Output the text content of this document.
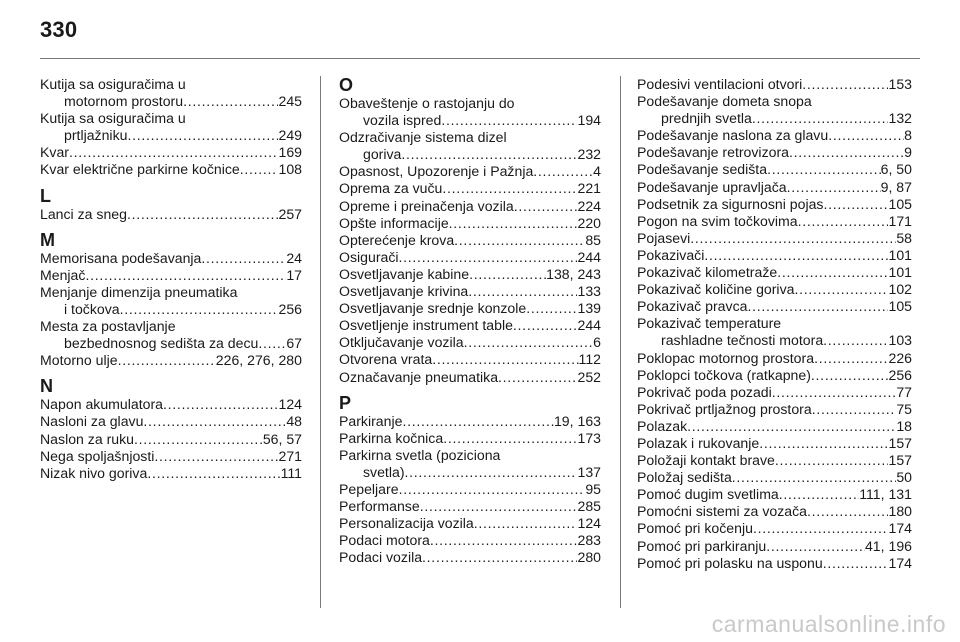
330
Kutija sa osiguračima u
motornom prostoru . . .	245
Kutija sa osiguračima u
prtljažniku . . .	249
Kvar . . .	169
Kvar električne parkirne kočnice . . .	108
L
Lanci za sneg . . .	257
M
Memorisana podešavanja . . .	24
Menjač . . .	17
Menjanje dimenzija pneumatika
i točkova . . .	256
Mesta za postavljanje
bezbednosnog sedišta za decu . . . 67
Motorno ulje . . .	226, 276, 280
N
Napon akumulatora . . .	124
Nasloni za glavu . . .	48
Naslon za ruku . . .	56, 57
Nega spoljašnjosti . . .	271
Nizak nivo goriva . . .	111
O
Obaveštenje o rastojanju do
vozila ispred . . .	194
Odzračivanje sistema dizel
goriva . . .	232
Opasnost, Upozorenje i Pažnja . . .	4
Oprema za vuču . . .	221
Opreme i preinačenja vozila . . .	224
Opšte informacije . . .	220
Opterećenje krova . . .	85
Osigurači . . .	244
Osvetljavanje kabine . . .	138, 243
Osvetljavanje krivina . . .	133
Osvetljavanje srednje konzole . . .	139
Osvetljenje instrument table . . .	244
Otključavanje vozila . . .	6
Otvorena vrata . . .	112
Označavanje pneumatika . . .	252
P
Parkiranje . . .	19, 163
Parkirna kočnica . . .	173
Parkirna svetla (poziciona
svetla) . . .	137
Pepeljare . . .	95
Performanse . . .	285
Personalizacija vozila . . .	124
Podaci motora . . .	283
Podaci vozila . . .	280
Podesivi ventilacioni otvori . . .	153
Podešavanje dometa snopa
prednjih svetla . . .	132
Podešavanje naslona za glavu . . .	8
Podešavanje retrovizora . . .	9
Podešavanje sedišta . . .	6, 50
Podešavanje upravljača . . .	9, 87
Podsetnik za sigurnosni pojas . . .	105
Pogon na svim točkovima . . .	171
Pojasevi . . .	58
Pokazivači . . .	101
Pokazivač kilometraže . . .	101
Pokazivač količine goriva . . .	102
Pokazivač pravca . . .	105
Pokazivač temperature
rashladne tečnosti motora . . .	103
Poklopac motornog prostora . . .	226
Poklopci točkova (ratkapne) . . .	256
Pokrivač poda pozadi . . .	77
Pokrivač prtljažnog prostora . . .	75
Polazak . . .	18
Polazak i rukovanje . . .	157
Položaji kontakt brave . . .	157
Položaj sedišta . . .	50
Pomoć dugim svetlima . . .	111, 131
Pomoćni sistemi za vozača . . .	180
Pomoć pri kočenju . . .	174
Pomoć pri parkiranju . . .	41, 196
Pomoć pri polasku na usponu . . .	174
carmanualsonline.info
